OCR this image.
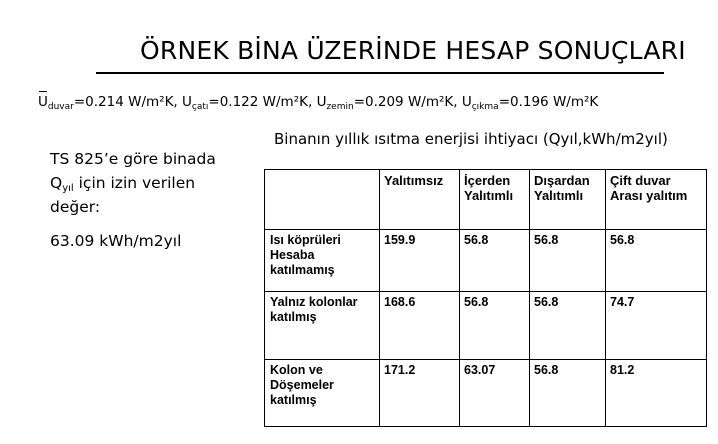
ÖRNEK BİNA ÜZERİNDE HESAP SONUÇLARI
$U_{duvar}=0.214$ W/m²K, $U_{çatı}=0.122$ W/m²K, $U_{zemin}=0.209$ W/m²K, $U_{çıkma}=0.196$ W/m²K
Binanın yıllık ısıtma enerjisi ihtiyacı (Qyıl,kWh/m2yıl)
TS 825’e göre binada
$Q_{yıl}$ için izin verilen
değer:
63.09 kWh/m2yıl
	Yalıtımsız	İçerden Yalıtımlı	Dışardan Yalıtımlı	Çift duvar Arası yalıtım
Isı köprüleri Hesaba katılmamış	159.9	56.8	56.8	56.8
Yalnız kolonlar katılmış	168.6	56.8	56.8	74.7
Kolon ve Döşemeler katılmış	171.2	63.07	56.8	81.2
